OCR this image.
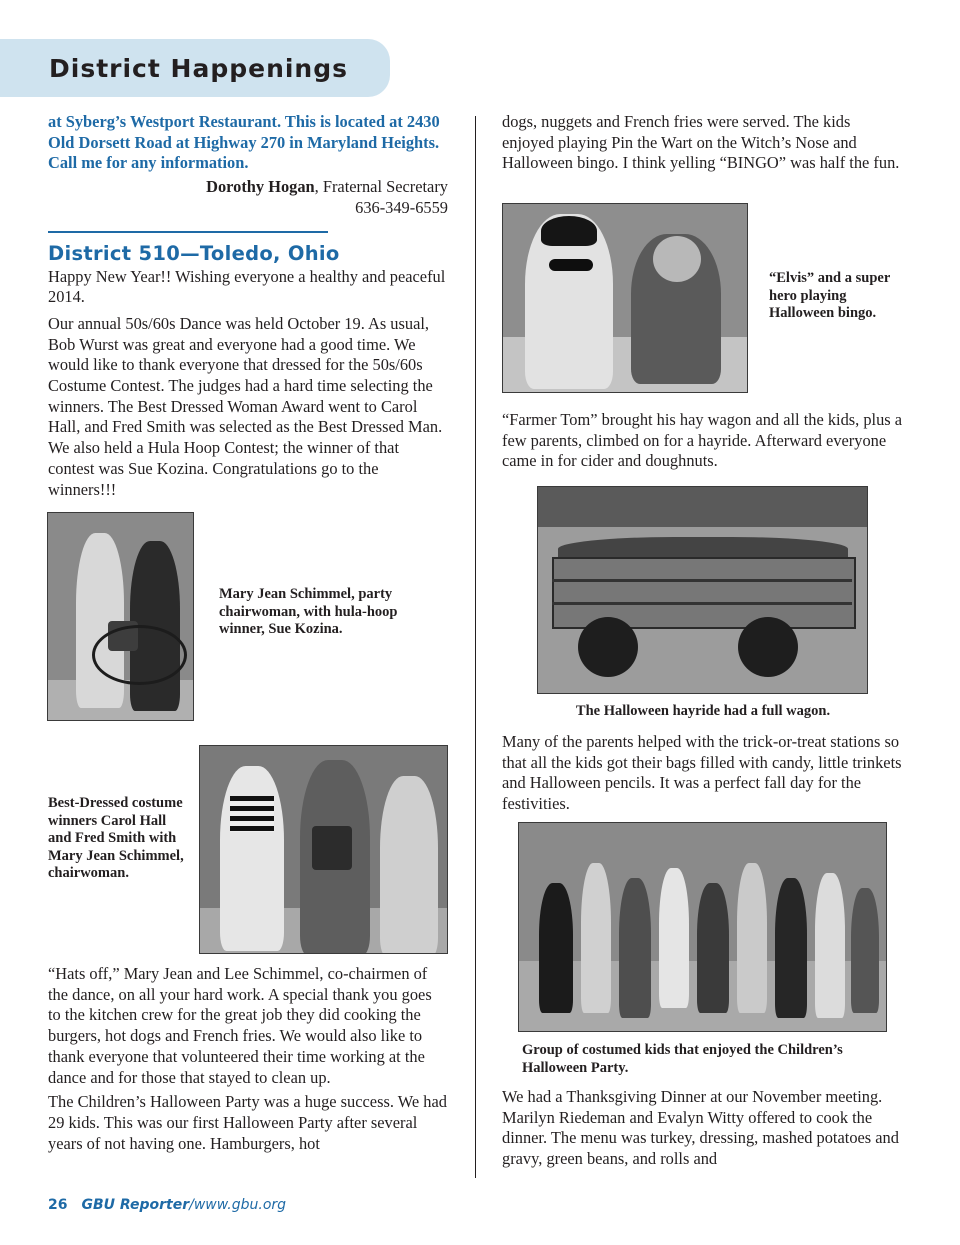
District Happenings

at Syberg’s Westport Restaurant. This is located at 2430 Old Dorsett Road at Highway 270 in Maryland Heights. Call me for any information.

Dorothy Hogan, Fraternal Secretary
636-349-6559
District 510—Toledo, Ohio

Happy New Year!! Wishing everyone a healthy and peaceful 2014.

Our annual 50s/60s Dance was held October 19. As usual, Bob Wurst was great and everyone had a good time. We would like to thank everyone that dressed for the 50s/60s Costume Contest. The judges had a hard time selecting the winners. The Best Dressed Woman Award went to Carol Hall, and Fred Smith was selected as the Best Dressed Man. We also held a Hula Hoop Contest; the winner of that contest was Sue Kozina. Congratulations go to the winners!!!

Mary Jean Schimmel, party chairwoman, with hula-hoop winner, Sue Kozina.

Best-Dressed costume winners Carol Hall and Fred Smith with Mary Jean Schimmel, chairwoman.

“Hats off,” Mary Jean and Lee Schimmel, co-chairmen of the dance, on all your hard work. A special thank you goes to the kitchen crew for the great job they did cooking the burgers, hot dogs and French fries. We would also like to thank everyone that volunteered their time working at the dance and for those that stayed to clean up.

The Children’s Halloween Party was a huge success. We had 29 kids. This was our first Halloween Party after several years of not having one. Hamburgers, hot

dogs, nuggets and French fries were served. The kids enjoyed playing Pin the Wart on the Witch’s Nose and Halloween bingo. I think yelling “BINGO” was half the fun.

“Elvis” and a super hero playing Halloween bingo.

“Farmer Tom” brought his hay wagon and all the kids, plus a few parents, climbed on for a hayride. Afterward everyone came in for cider and doughnuts.

The Halloween hayride had a full wagon.

Many of the parents helped with the trick-or-treat stations so that all the kids got their bags filled with candy, little trinkets and Halloween pencils. It was a perfect fall day for the festivities.

Group of costumed kids that enjoyed the Children’s Halloween Party.

We had a Thanksgiving Dinner at our November meeting. Marilyn Riedeman and Evalyn Witty offered to cook the dinner. The menu was turkey, dressing, mashed potatoes and gravy, green beans, and rolls and

26 GBU Reporter/www.gbu.org
